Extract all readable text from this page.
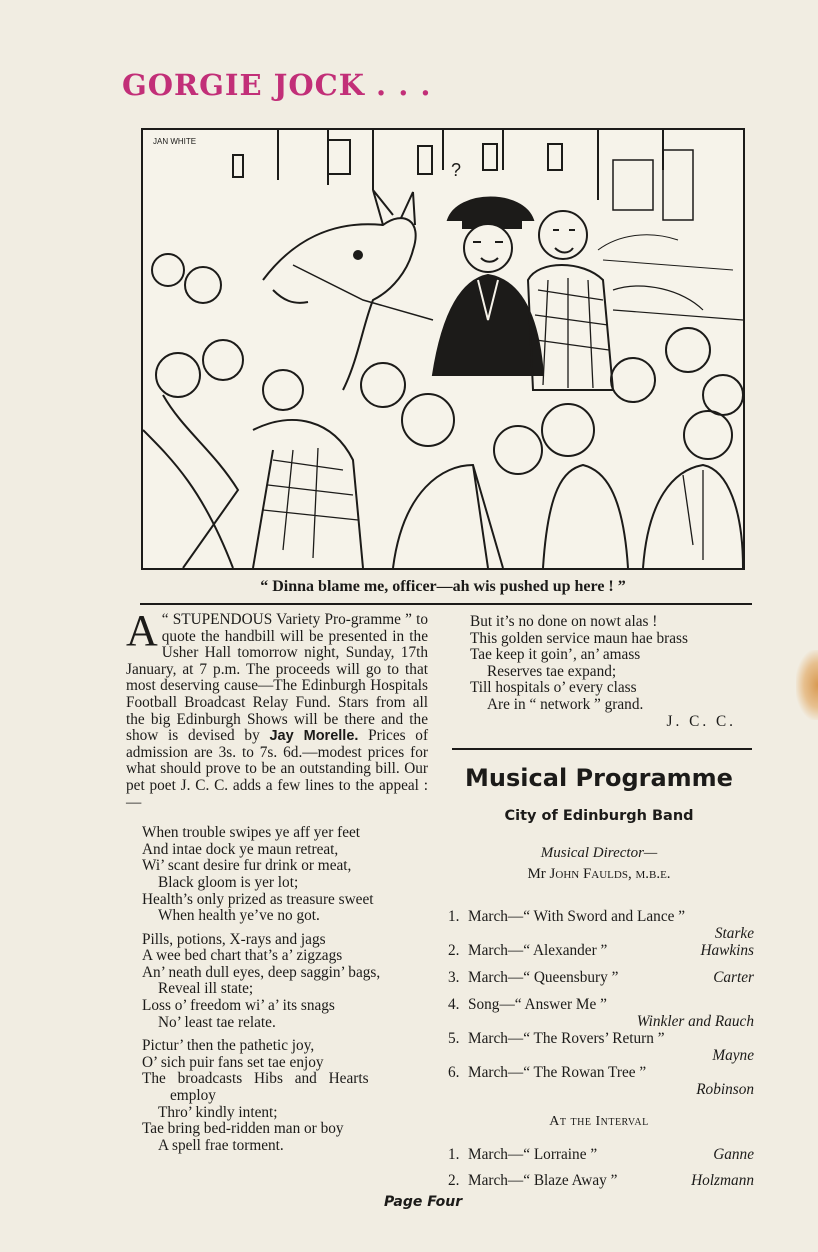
GORGIE JOCK . . .
?
JAN WHITE
“ Dinna blame me, officer—ah wis pushed up here ! ”

A “ STUPENDOUS Variety Pro-gramme ” to quote the handbill will be presented in the Usher Hall tomorrow night, Sunday, 17th January, at 7 p.m. The proceeds will go to that most deserving cause—The Edinburgh Hospitals Football Broadcast Relay Fund. Stars from all the big Edinburgh Shows will be there and the show is devised by Jay Morelle. Prices of admission are 3s. to 7s. 6d.—modest prices for what should prove to be an outstanding bill. Our pet poet J. C. C. adds a few lines to the appeal :—

When trouble swipes ye aff yer feet
And intae dock ye maun retreat,
Wi’ scant desire fur drink or meat,
Black gloom is yer lot;
Health’s only prized as treasure sweet
When health ye’ve no got.
Pills, potions, X-rays and jags
A wee bed chart that’s a’ zigzags
An’ neath dull eyes, deep saggin’ bags,
Reveal ill state;
Loss o’ freedom wi’ a’ its snags
No’ least tae relate.
Pictur’ then the pathetic joy,
O’ sich puir fans set tae enjoy
The broadcasts Hibs and Hearts
employ
Thro’ kindly intent;
Tae bring bed-ridden man or boy
A spell frae torment.
But it’s no done on nowt alas !
This golden service maun hae brass
Tae keep it goin’, an’ amass
Reserves tae expand;
Till hospitals o’ every class
Are in “ network ” grand.
J. C. C.
Musical Programme
City of Edinburgh Band
Musical Director—
Mr John Faulds, m.b.e.
1. March—“ With Sword and Lance ”
Starke
2. March—“ Alexander ”	Hawkins
3. March—“ Queensbury ”	Carter
4. Song—“ Answer Me ”
Winkler and Rauch
5. March—“ The Rovers’ Return ”
Mayne
6. March—“ The Rowan Tree ”
Robinson
At the Interval
1. March—“ Lorraine ”	Ganne
2. March—“ Blaze Away ”	Holzmann
Page Four
